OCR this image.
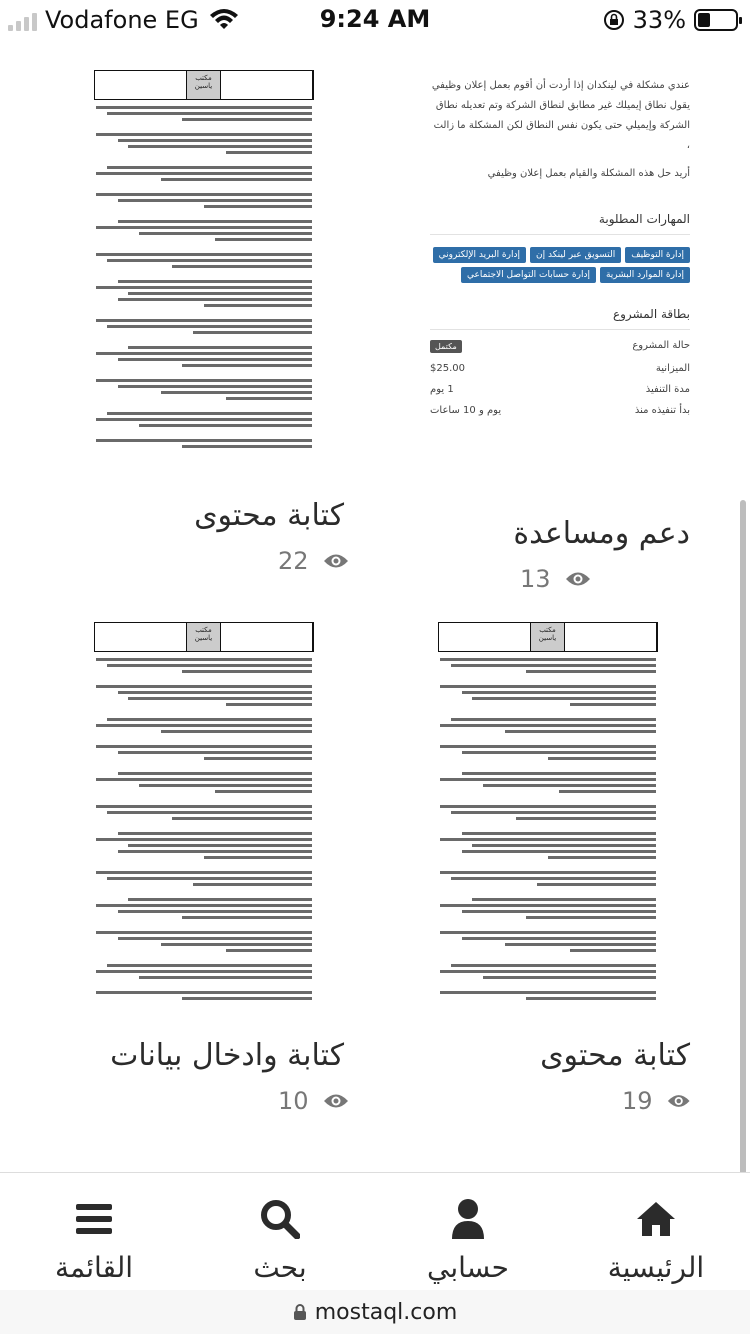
Vodafone EG	9:24 AM	33%

عندي مشكلة في لينكدان إذا أردت أن أقوم بعمل إعلان وظيفي يقول نطاق إيميلك غير مطابق لنطاق الشركة وتم تعديله نطاق الشركة وإيميلي حتى يكون نفس النطاق لكن المشكلة ما زالت ،

أريد حل هذه المشكلة والقيام بعمل إعلان وظيفي

المهارات المطلوبة
إدارة التوظيف
التسويق عبر لينكد إن
إدارة البريد الإلكتروني
إدارة الموارد البشرية
إدارة حسابات التواصل الاجتماعي
بطاقة المشروع
حالة المشروع
مكتمل
الميزانية
$25.00
مدة التنفيذ
1 يوم
بدأ تنفيذه منذ
يوم و 10 ساعات
دعم ومساعدة
13
مكتب ياسين
كتابة محتوى
22
مكتب ياسين
كتابة محتوى
19
مكتب ياسين
كتابة وادخال بيانات
10
الرئيسية
حسابي
بحث
القائمة
mostaql.com
